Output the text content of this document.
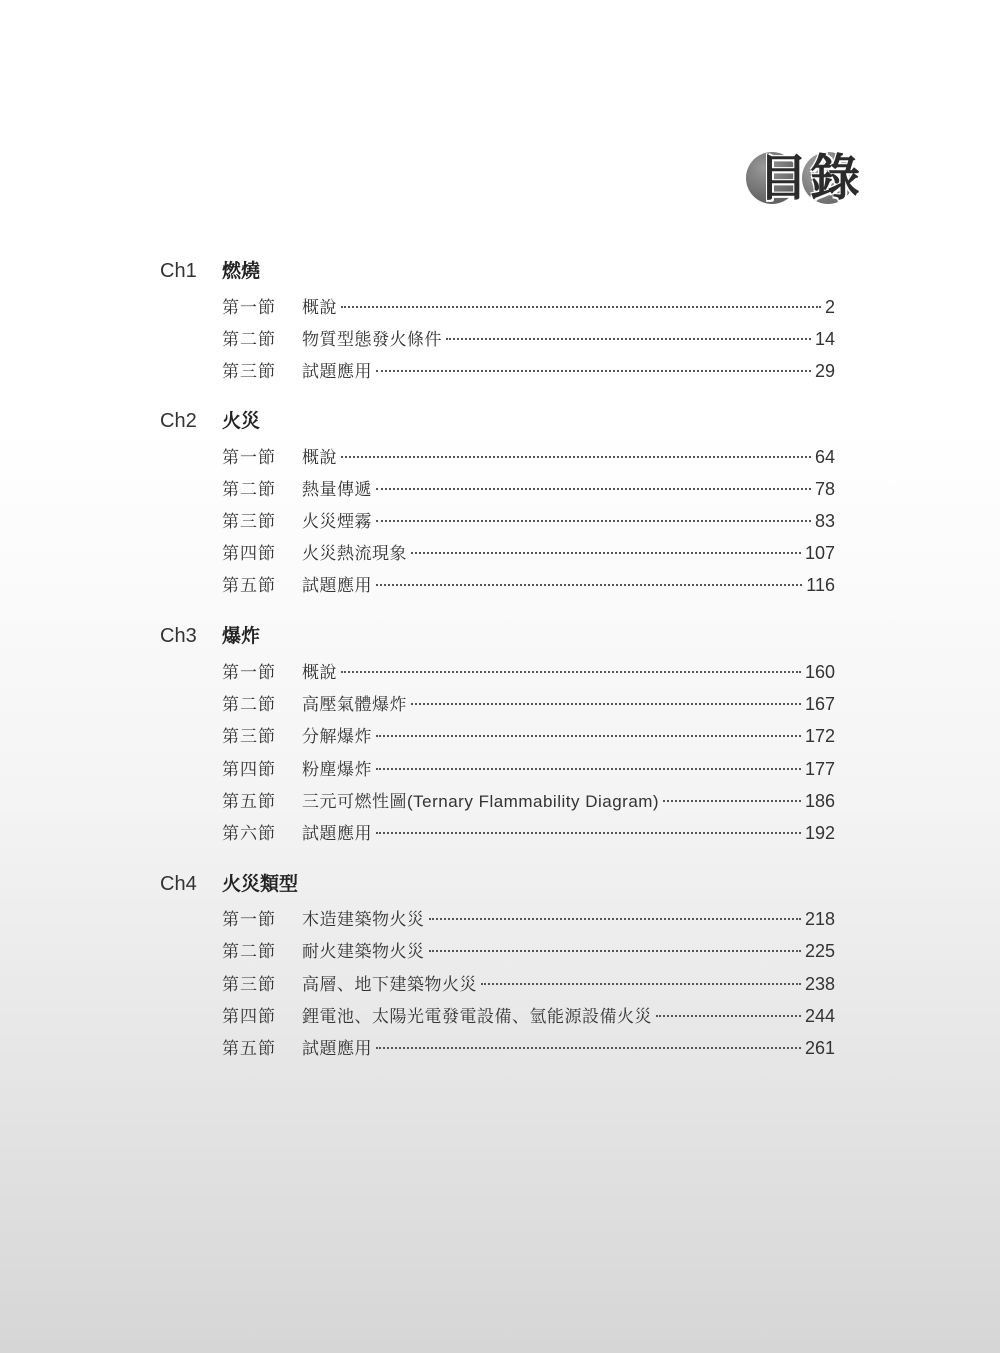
目錄
Ch1 燃燒
第一節	概說	2
第二節	物質型態發火條件	14
第三節	試題應用	29
Ch2 火災
第一節	概說	64
第二節	熱量傳遞	78
第三節	火災煙霧	83
第四節	火災熱流現象	107
第五節	試題應用	116
Ch3 爆炸
第一節	概說	160
第二節	高壓氣體爆炸	167
第三節	分解爆炸	172
第四節	粉塵爆炸	177
第五節	三元可燃性圖(Ternary Flammability Diagram)	186
第六節	試題應用	192
Ch4 火災類型
第一節	木造建築物火災	218
第二節	耐火建築物火災	225
第三節	高層、地下建築物火災	238
第四節	鋰電池、太陽光電發電設備、氫能源設備火災	244
第五節	試題應用	261
